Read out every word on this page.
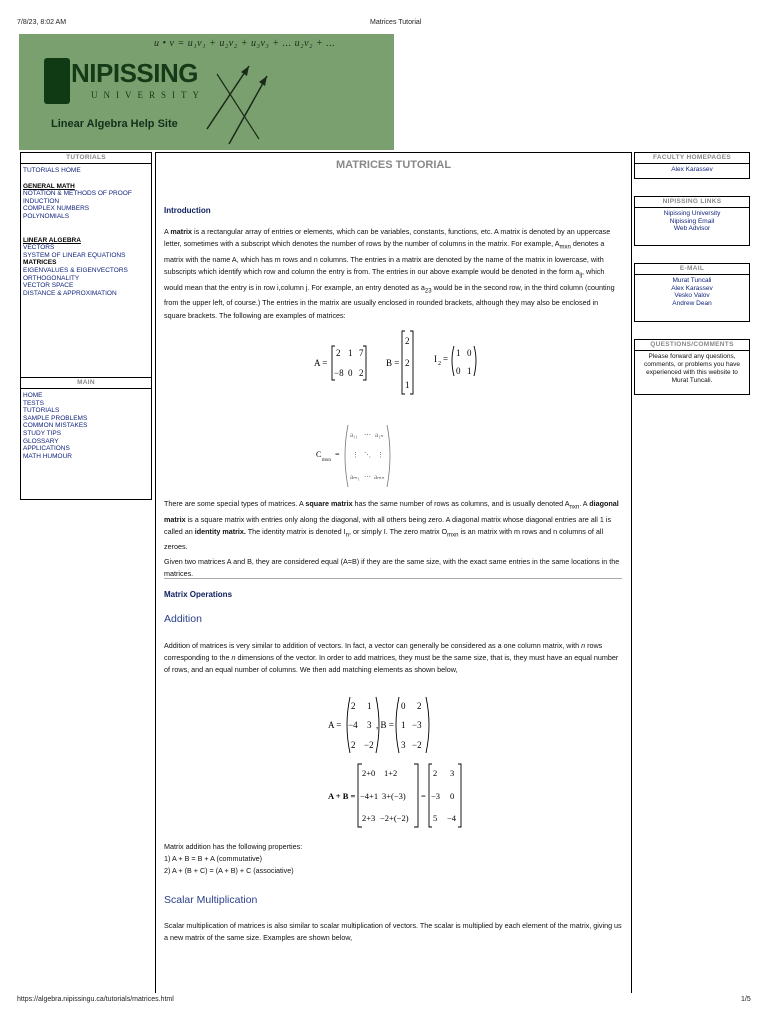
7/8/23, 8:02 AM	Matrices Tutorial
https://algebra.nipissingu.ca/tutorials/matrices.html	1/5
u • v = u₁v₁ + u₂v₂ + u₃v₃ + ... u₂v₂ + ...
NIPISSING
UNIVERSITY
Linear Algebra Help Site
TUTORIALS
TUTORIALS HOME
GENERAL MATH
NOTATION & METHODS OF PROOF
INDUCTION
COMPLEX NUMBERS
POLYNOMIALS
LINEAR ALGEBRA
VECTORS
SYSTEM OF LINEAR EQUATIONS
MATRICES
EIGENVALUES & EIGENVECTORS
ORTHOGONALITY
VECTOR SPACE
DISTANCE & APPROXIMATION
MAIN
HOME
TESTS
TUTORIALS
SAMPLE PROBLEMS
COMMON MISTAKES
STUDY TIPS
GLOSSARY
APPLICATIONS
MATH HUMOUR
FACULTY HOMEPAGES
Alex Karassev
NIPISSING LINKS
Nipissing University
Nipissing Email
Web Advisor
E-MAIL
Murat Tuncali
Alex Karassev
Vesko Valov
Andrew Dean
QUESTIONS/COMMENTS
Please forward any questions, comments, or problems you have experienced with this website to Murat Tuncali.
MATRICES TUTORIAL

Introduction

A matrix is a rectangular array of entries or elements, which can be variables, constants, functions, etc. A matrix is denoted by an uppercase letter, sometimes with a subscript which denotes the number of rows by the number of columns in the matrix. For example, $A_{mxn}$ denotes a matrix with the name A, which has m rows and n columns. The entries in a matrix are denoted by the name of the matrix in lowercase, with subscripts which identify which row and column the entry is from. The entries in our above example would be denoted in the form $a_{ij}$, which would mean that the entry is in row i,column j. For example, an entry denoted as $a_{23}$ would be in the second row, in the third column (counting from the upper left, of course.) The entries in the matrix are usually enclosed in rounded brackets, although they may also be enclosed in square brackets. The following are examples of matrices:

A =
2 1 7
−8 0 2
B =
2
2
1
I 2 =
1 0
0 1
C
mxn
=
a₁₁ ⋯ a₁ₙ
⋮ ⋱ ⋮
aₘ₁ ⋯ aₘₙ

There are some special types of matrices. A square matrix has the same number of rows as columns, and is usually denoted $A_{nxn}$. A diagonal matrix is a square matrix with entries only along the diagonal, with all others being zero. A diagonal matrix whose diagonal entries are all 1 is called an identity matrix. The identity matrix is denoted $I_n$, or simply I. The zero matrix $O_{mxn}$ is an matrix with m rows and n columns of all zeroes.

Given two matrices A and B, they are considered equal (A=B) if they are the same size, with the exact same entries in the same locations in the matrices.

Matrix Operations

Addition

Addition of matrices is very similar to addition of vectors. In fact, a vector can generally be considered as a one column matrix, with n rows corresponding to the n dimensions of the vector. In order to add matrices, they must be the same size, that is, they must have an equal number of rows, and an equal number of columns. We then add matching elements as shown below,

A =
2 1
−4 3
2 −2
, B =
0 2
1 −3
3 −2
A + B =
2+0 1+2
−4+1 3+(−3)
2+3 −2+(−2)
=
2 3
−3 0
5 −4

Matrix addition has the following properties:

1) A + B = B + A (commutative)

2) A + (B + C) = (A + B) + C (associative)

Scalar Multiplication

Scalar multiplication of matrices is also similar to scalar multiplication of vectors. The scalar is multiplied by each element of the matrix, giving us a new matrix of the same size. Examples are shown below,
